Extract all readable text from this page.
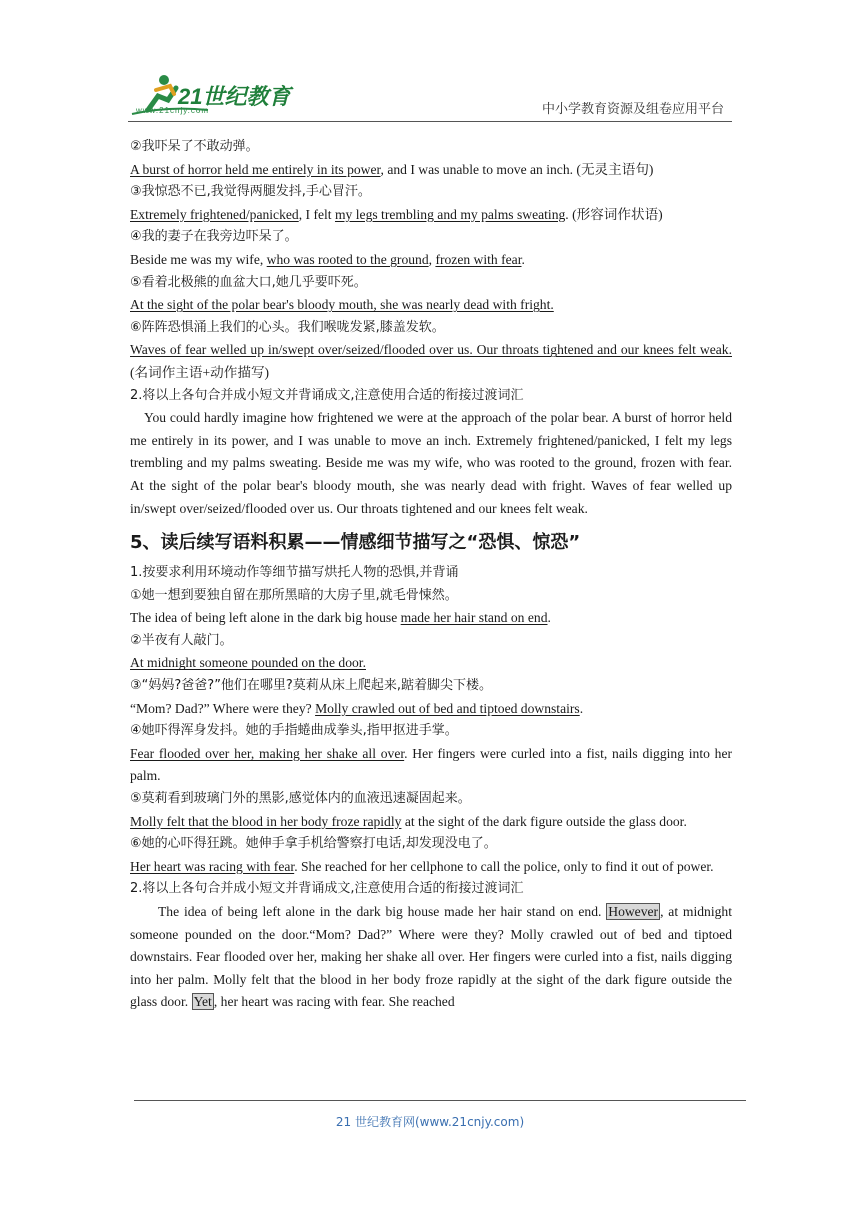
21世纪教育
www.21cnjy.com	中小学教育资源及组卷应用平台

②我吓呆了不敢动弹。

A burst of horror held me entirely in its power, and I was unable to move an inch. (无灵主语句)

③我惊恐不已,我觉得两腿发抖,手心冒汗。

Extremely frightened/panicked, I felt my legs trembling and my palms sweating. (形容词作状语)

④我的妻子在我旁边吓呆了。

Beside me was my wife, who was rooted to the ground, frozen with fear.

⑤看着北极熊的血盆大口,她几乎要吓死。

At the sight of the polar bear's bloody mouth, she was nearly dead with fright.

⑥阵阵恐惧涌上我们的心头。我们喉咙发紧,膝盖发软。

Waves of fear welled up in/swept over/seized/flooded over us. Our throats tightened and our knees felt weak. (名词作主语+动作描写)

2.将以上各句合并成小短文并背诵成文,注意使用合适的衔接过渡词汇

You could hardly imagine how frightened we were at the approach of the polar bear. A burst of horror held me entirely in its power, and I was unable to move an inch. Extremely frightened/panicked, I felt my legs trembling and my palms sweating. Beside me was my wife, who was rooted to the ground, frozen with fear. At the sight of the polar bear's bloody mouth, she was nearly dead with fright. Waves of fear welled up in/swept over/seized/flooded over us. Our throats tightened and our knees felt weak.

5、读后续写语料积累——情感细节描写之“恐惧、惊恐”

1.按要求利用环境动作等细节描写烘托人物的恐惧,并背诵

①她一想到要独自留在那所黑暗的大房子里,就毛骨悚然。

The idea of being left alone in the dark big house made her hair stand on end.

②半夜有人敲门。

At midnight someone pounded on the door.

③“妈妈?爸爸?”他们在哪里?莫莉从床上爬起来,踮着脚尖下楼。

“Mom? Dad?” Where were they? Molly crawled out of bed and tiptoed downstairs.

④她吓得浑身发抖。她的手指蜷曲成拳头,指甲抠进手掌。

Fear flooded over her, making her shake all over. Her fingers were curled into a fist, nails digging into her palm.

⑤莫莉看到玻璃门外的黑影,感觉体内的血液迅速凝固起来。

Molly felt that the blood in her body froze rapidly at the sight of the dark figure outside the glass door.

⑥她的心吓得狂跳。她伸手拿手机给警察打电话,却发现没电了。

Her heart was racing with fear. She reached for her cellphone to call the police, only to find it out of power.

2.将以上各句合并成小短文并背诵成文,注意使用合适的衔接过渡词汇

The idea of being left alone in the dark big house made her hair stand on end. However , at midnight someone pounded on the door.“Mom? Dad?” Where were they? Molly crawled out of bed and tiptoed downstairs. Fear flooded over her, making her shake all over. Her fingers were curled into a fist, nails digging into her palm. Molly felt that the blood in her body froze rapidly at the sight of the dark figure outside the glass door. Yet , her heart was racing with fear. She reached

21 世纪教育网(www.21cnjy.com)
